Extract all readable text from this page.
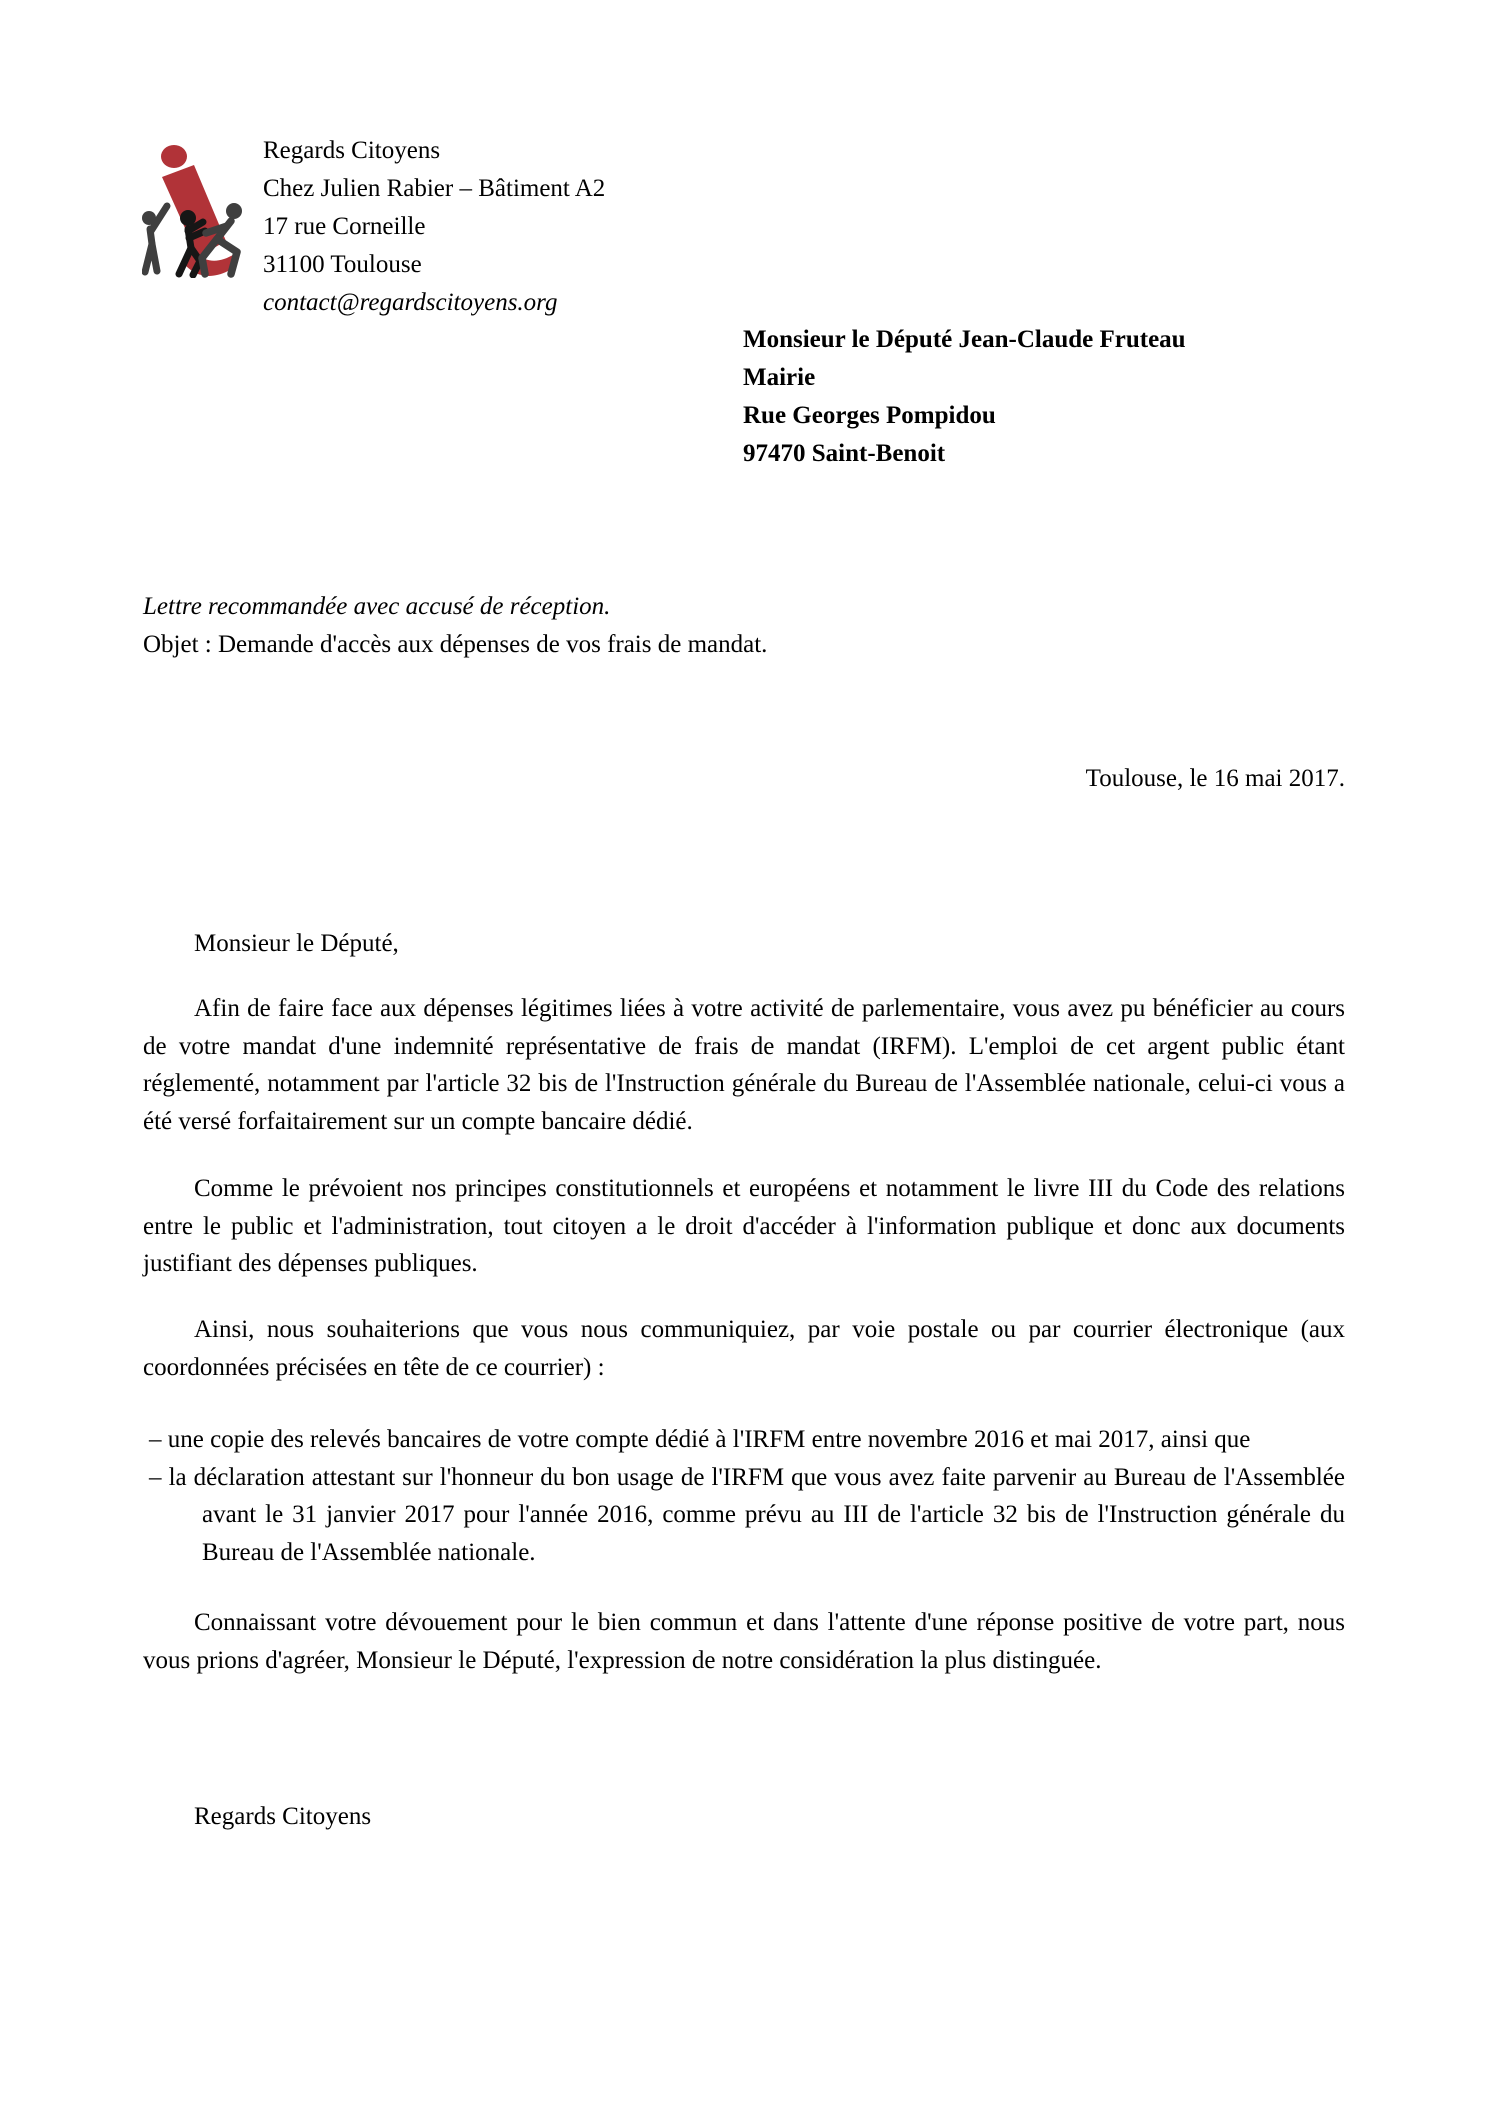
Regards Citoyens

Chez Julien Rabier – Bâtiment A2

17 rue Corneille

31100 Toulouse

contact@regardscitoyens.org

Monsieur le Député Jean-Claude Fruteau

Mairie

Rue Georges Pompidou

97470 Saint-Benoit

Lettre recommandée avec accusé de réception.

Objet : Demande d'accès aux dépenses de vos frais de mandat.

Toulouse, le 16 mai 2017.

Monsieur le Député,

Afin de faire face aux dépenses légitimes liées à votre activité de parlementaire, vous avez pu bénéficier au cours de votre mandat d'une indemnité représentative de frais de mandat (IRFM). L'emploi de cet argent public étant réglementé, notamment par l'article 32 bis de l'Instruction générale du Bureau de l'Assemblée nationale, celui-ci vous a été versé forfaitairement sur un compte bancaire dédié.

Comme le prévoient nos principes constitutionnels et européens et notamment le livre III du Code des relations entre le public et l'administration, tout citoyen a le droit d'accéder à l'information publique et donc aux documents justifiant des dépenses publiques.

Ainsi, nous souhaiterions que vous nous communiquiez, par voie postale ou par courrier électronique (aux coordonnées précisées en tête de ce courrier) :

– une copie des relevés bancaires de votre compte dédié à l'IRFM entre novembre 2016 et mai 2017, ainsi que

– la déclaration attestant sur l'honneur du bon usage de l'IRFM que vous avez faite parvenir au Bureau de l'Assemblée avant le 31 janvier 2017 pour l'année 2016, comme prévu au III de l'article 32 bis de l'Instruction générale du Bureau de l'Assemblée nationale.

Connaissant votre dévouement pour le bien commun et dans l'attente d'une réponse positive de votre part, nous vous prions d'agréer, Monsieur le Député, l'expression de notre considération la plus distinguée.

Regards Citoyens
